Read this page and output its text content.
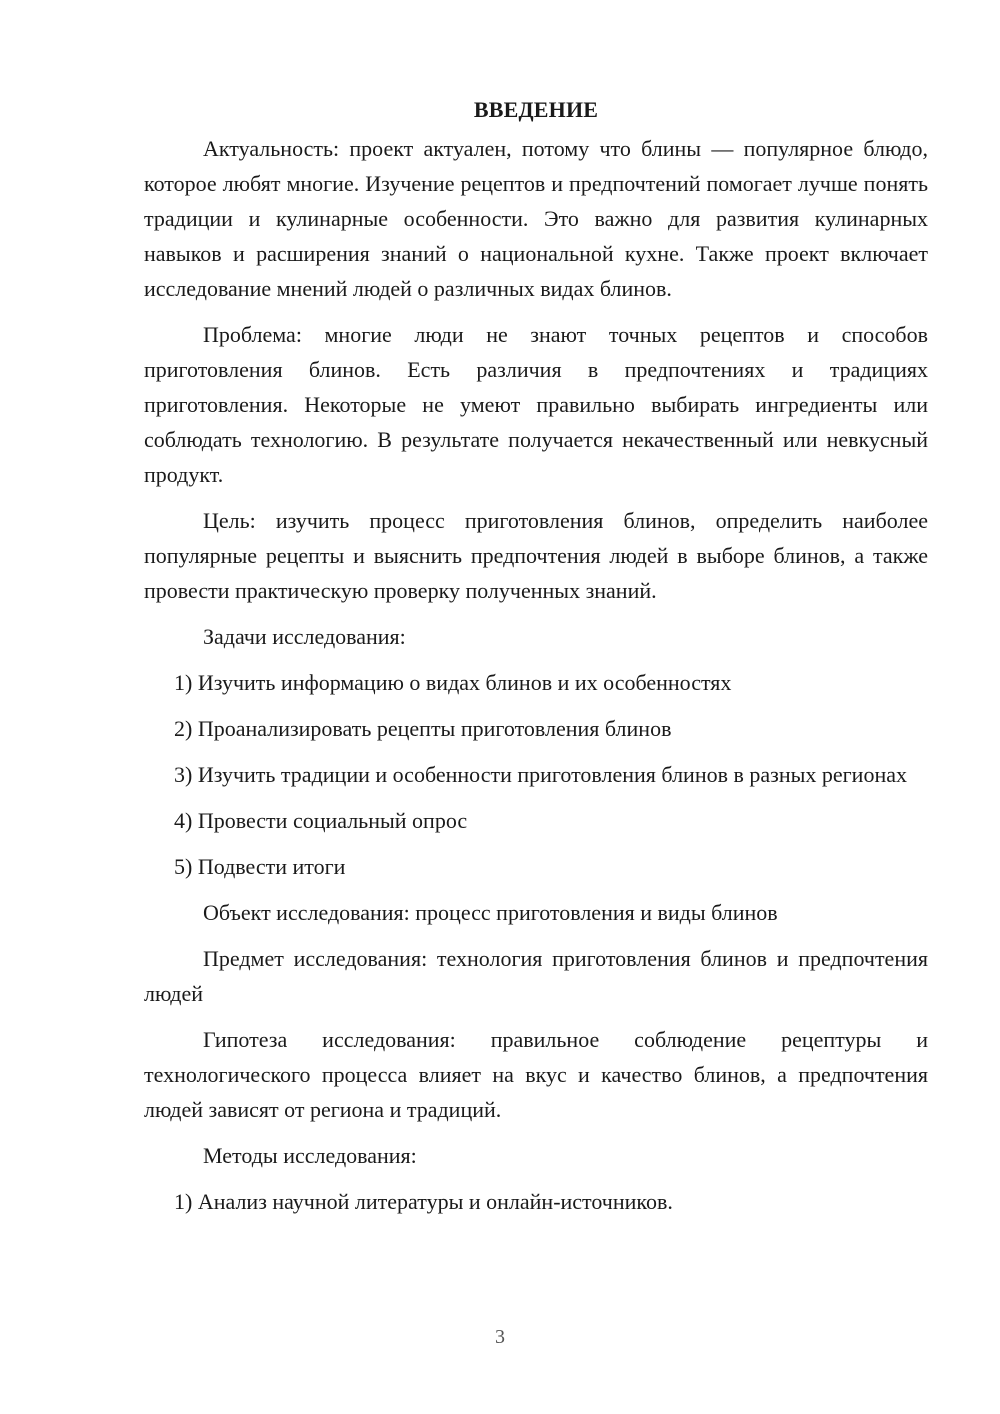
ВВЕДЕНИЕ

Актуальность: проект актуален, потому что блины — популярное блюдо, которое любят многие. Изучение рецептов и предпочтений помогает лучше понять традиции и кулинарные особенности. Это важно для развития кулинарных навыков и расширения знаний о национальной кухне. Также проект включает исследование мнений людей о различных видах блинов.

Проблема: многие люди не знают точных рецептов и способов приготовления блинов. Есть различия в предпочтениях и традициях приготовления. Некоторые не умеют правильно выбирать ингредиенты или соблюдать технологию. В результате получается некачественный или невкусный продукт.

Цель: изучить процесс приготовления блинов, определить наиболее популярные рецепты и выяснить предпочтения людей в выборе блинов, а также провести практическую проверку полученных знаний.

Задачи исследования:

1) Изучить информацию о видах блинов и их особенностях

2) Проанализировать рецепты приготовления блинов

3) Изучить традиции и особенности приготовления блинов в разных регионах

4) Провести социальный опрос

5) Подвести итоги

Объект исследования: процесс приготовления и виды блинов

Предмет исследования: технология приготовления блинов и предпочтения людей

Гипотеза исследования: правильное соблюдение рецептуры и технологического процесса влияет на вкус и качество блинов, а предпочтения людей зависят от региона и традиций.

Методы исследования:

1) Анализ научной литературы и онлайн-источников.

3
